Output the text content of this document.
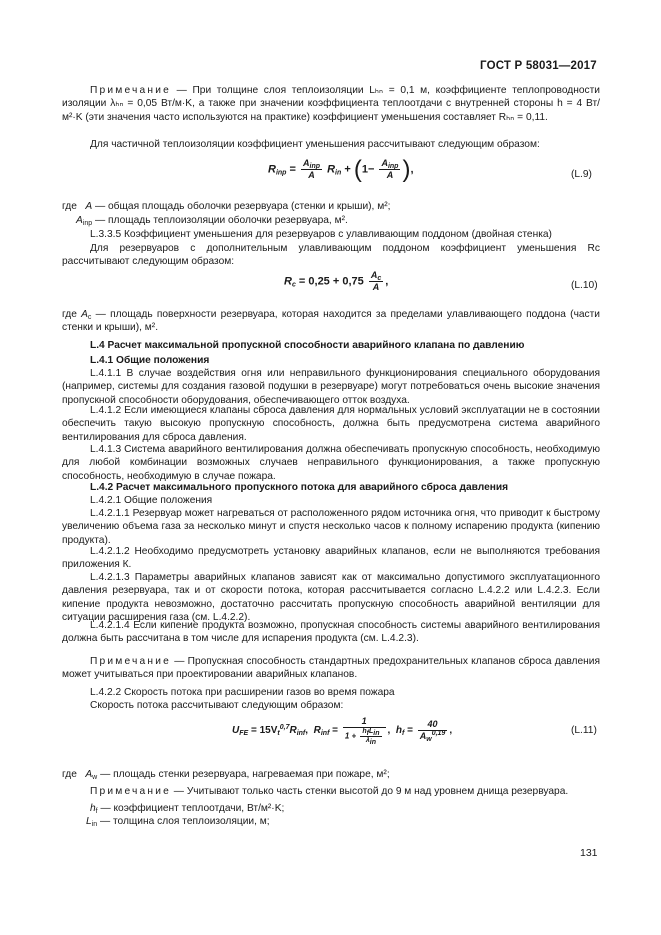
ГОСТ Р 58031—2017
Примечание — При толщине слоя теплоизоляции Lₕₙ = 0,1 м, коэффициенте теплопроводности изоляции λₕₙ = 0,05 Вт/м·K, а также при значении коэффициента теплоотдачи с внутренней стороны h = 4 Вт/м²·K (эти значения часто используются на практике) коэффициент уменьшения составляет Rₕₙ = 0,11.
Для частичной теплоизоляции коэффициент уменьшения рассчитывают следующим образом:
$R_{inp} = \frac{A_{inp}}{A} R_{in} + (1- \frac{A_{inp}}{A}$ ),	(L.9)
где A — общая площадь оболочки резервуара (стенки и крыши), м²;
$A_{inp}$ — площадь теплоизоляции оболочки резервуара, м².
L.3.3.5 Коэффициент уменьшения для резервуаров с улавливающим поддоном (двойная стенка)
Для резервуаров с дополнительным улавливающим поддоном коэффициент уменьшения Rс рассчитывают следующим образом:
$R_c = 0,25 + 0,75 \frac{A_c}{A}$ ,	(L.10)
где $A_c$ — площадь поверхности резервуара, которая находится за пределами улавливающего поддона (части стенки и крыши), м².
L.4 Расчет максимальной пропускной способности аварийного клапана по давлению
L.4.1 Общие положения
L.4.1.1 В случае воздействия огня или неправильного функционирования специального оборудования (например, системы для создания газовой подушки в резервуаре) могут потребоваться очень высокие значения пропускной способности оборудования, обеспечивающего отток воздуха.
L.4.1.2 Если имеющиеся клапаны сброса давления для нормальных условий эксплуатации не в состоянии обеспечить такую высокую пропускную способность, должна быть предусмотрена система аварийного вентилирования для сброса давления.
L.4.1.3 Система аварийного вентилирования должна обеспечивать пропускную способность, необходимую для любой комбинации возможных случаев неправильного функционирования, а также пропускную способность, необходимую в случае пожара.
L.4.2 Расчет максимального пропускного потока для аварийного сброса давления
L.4.2.1 Общие положения
L.4.2.1.1 Резервуар может нагреваться от расположенного рядом источника огня, что приводит к быстрому увеличению объема газа за несколько минут и спустя несколько часов к полному испарению продукта (кипению продукта).
L.4.2.1.2 Необходимо предусмотреть установку аварийных клапанов, если не выполняются требования приложения К.
L.4.2.1.3 Параметры аварийных клапанов зависят как от максимально допустимого эксплуатационного давления резервуара, так и от скорости потока, которая рассчитывается согласно L.4.2.2 или L.4.2.3. Если кипение продукта невозможно, достаточно рассчитать пропускную способность аварийной вентиляции для ситуации расширения газа (см. L.4.2.2).
L.4.2.1.4 Если кипение продукта возможно, пропускная способность системы аварийного вентилирования должна быть рассчитана в том числе для испарения продукта (см. L.4.2.3).
Примечание — Пропускная способность стандартных предохранительных клапанов сброса давления может учитываться при проектировании аварийных клапанов.
L.4.2.2 Скорость потока при расширении газов во время пожара
Скорость потока рассчитывают следующим образом:
$U_{FE} = 15V_t^{0,7}R_{inf}$, $R_{inf} = \frac{1}{1 + \frac{h_fL_{in}}{\lambda_{in}}}$ , $h_f = \frac{40}{A_w^{0,19}}$ ,	(L.11)
где $A_w$ — площадь стенки резервуара, нагреваемая при пожаре, м²;
Примечание — Учитывают только часть стенки высотой до 9 м над уровнем днища резервуара.
$h_f$ — коэффициент теплоотдачи, Вт/м²·K;
$L_{in}$ — толщина слоя теплоизоляции, м;
131
